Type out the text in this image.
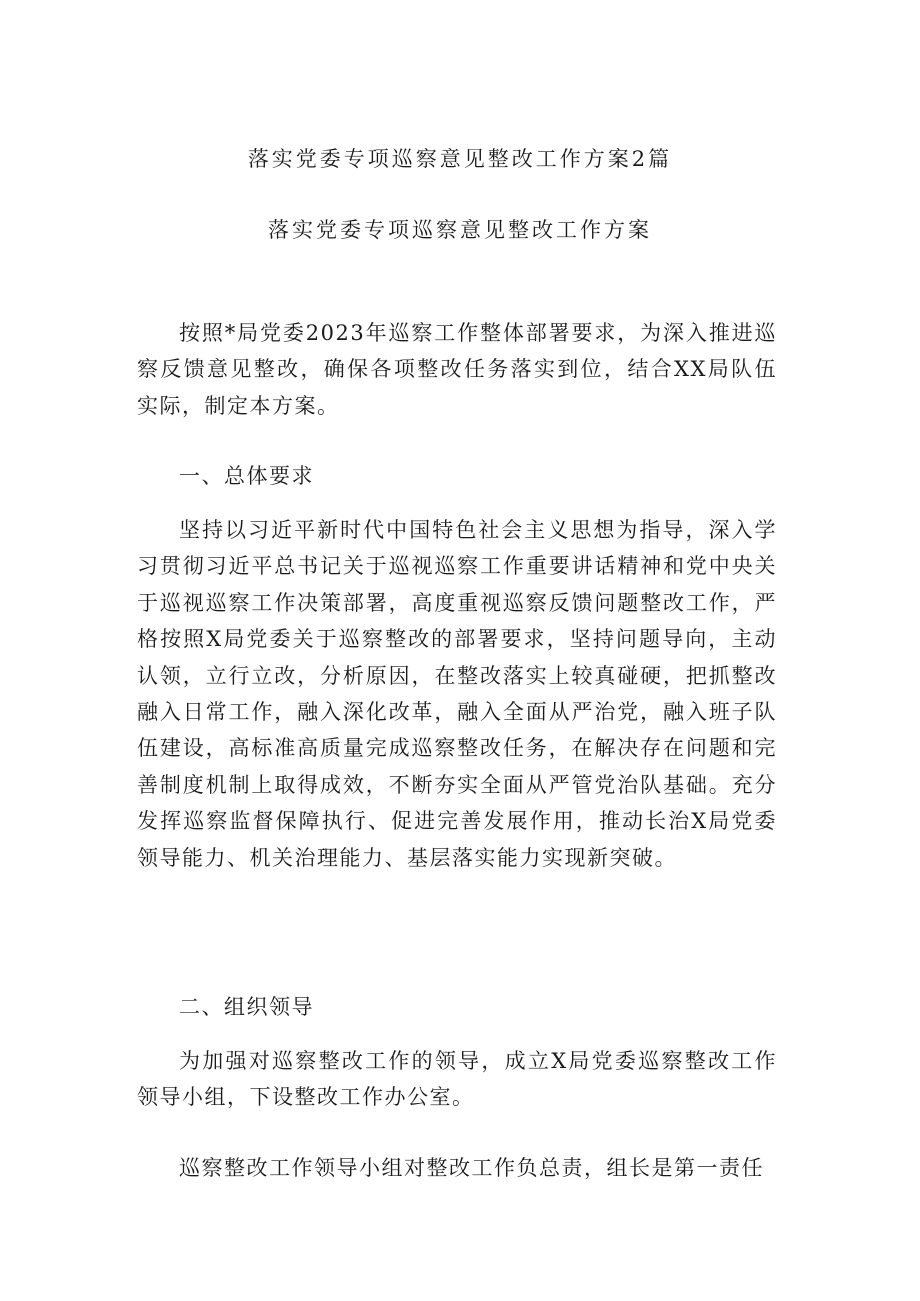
落实党委专项巡察意见整改工作方案2篇
落实党委专项巡察意见整改工作方案
按照*局党委2023年巡察工作整体部署要求，为深入推进巡察反馈意见整改，确保各项整改任务落实到位，结合XX局队伍实际，制定本方案。
一、总体要求
坚持以习近平新时代中国特色社会主义思想为指导，深入学习贯彻习近平总书记关于巡视巡察工作重要讲话精神和党中央关于巡视巡察工作决策部署，高度重视巡察反馈问题整改工作，严格按照X局党委关于巡察整改的部署要求，坚持问题导向，主动认领，立行立改，分析原因，在整改落实上较真碰硬，把抓整改融入日常工作，融入深化改革，融入全面从严治党，融入班子队伍建设，高标准高质量完成巡察整改任务，在解决存在问题和完善制度机制上取得成效，不断夯实全面从严管党治队基础。充分发挥巡察监督保障执行、促进完善发展作用，推动长治X局党委领导能力、机关治理能力、基层落实能力实现新突破。
二、组织领导
为加强对巡察整改工作的领导，成立X局党委巡察整改工作领导小组，下设整改工作办公室。
巡察整改工作领导小组对整改工作负总责，组长是第一责任
